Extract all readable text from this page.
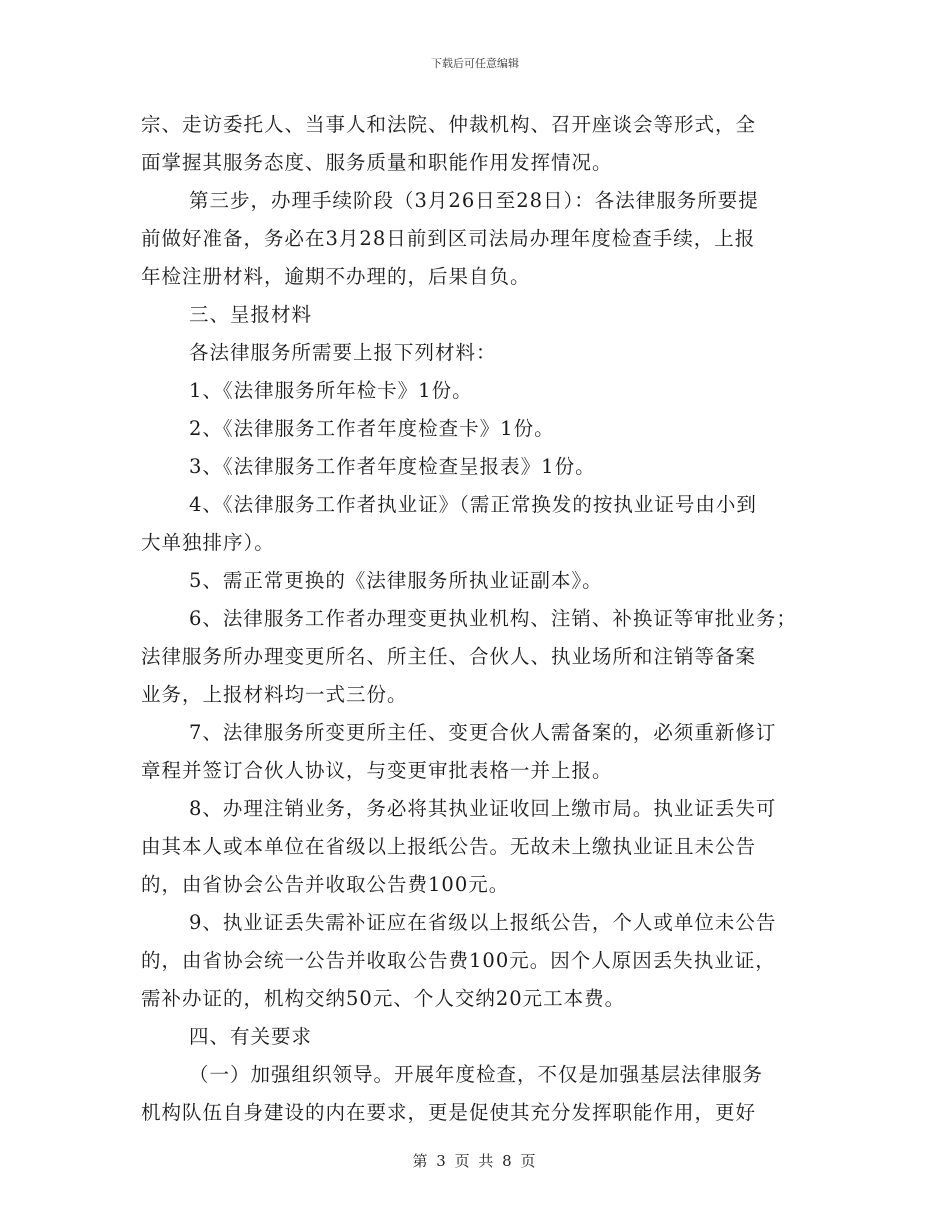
下载后可任意编辑
宗、走访委托人、当事人和法院、仲裁机构、召开座谈会等形式，全
面掌握其服务态度、服务质量和职能作用发挥情况。
第三步，办理手续阶段（3月26日至28日）：各法律服务所要提
前做好准备，务必在3月28日前到区司法局办理年度检查手续，上报
年检注册材料，逾期不办理的，后果自负。
三、呈报材料
各法律服务所需要上报下列材料：
1、《法律服务所年检卡》1份。
2、《法律服务工作者年度检查卡》1份。
3、《法律服务工作者年度检查呈报表》1份。
4、《法律服务工作者执业证》（需正常换发的按执业证号由小到
大单独排序）。
5、需正常更换的《法律服务所执业证副本》。
6、法律服务工作者办理变更执业机构、注销、补换证等审批业务；
法律服务所办理变更所名、所主任、合伙人、执业场所和注销等备案
业务，上报材料均一式三份。
7、法律服务所变更所主任、变更合伙人需备案的，必须重新修订
章程并签订合伙人协议，与变更审批表格一并上报。
8、办理注销业务，务必将其执业证收回上缴市局。执业证丢失可
由其本人或本单位在省级以上报纸公告。无故未上缴执业证且未公告
的，由省协会公告并收取公告费100元。
9、执业证丢失需补证应在省级以上报纸公告，个人或单位未公告
的，由省协会统一公告并收取公告费100元。因个人原因丢失执业证，
需补办证的，机构交纳50元、个人交纳20元工本费。
四、有关要求
（一）加强组织领导。开展年度检查，不仅是加强基层法律服务
机构队伍自身建设的内在要求，更是促使其充分发挥职能作用，更好
第 3 页 共 8 页
